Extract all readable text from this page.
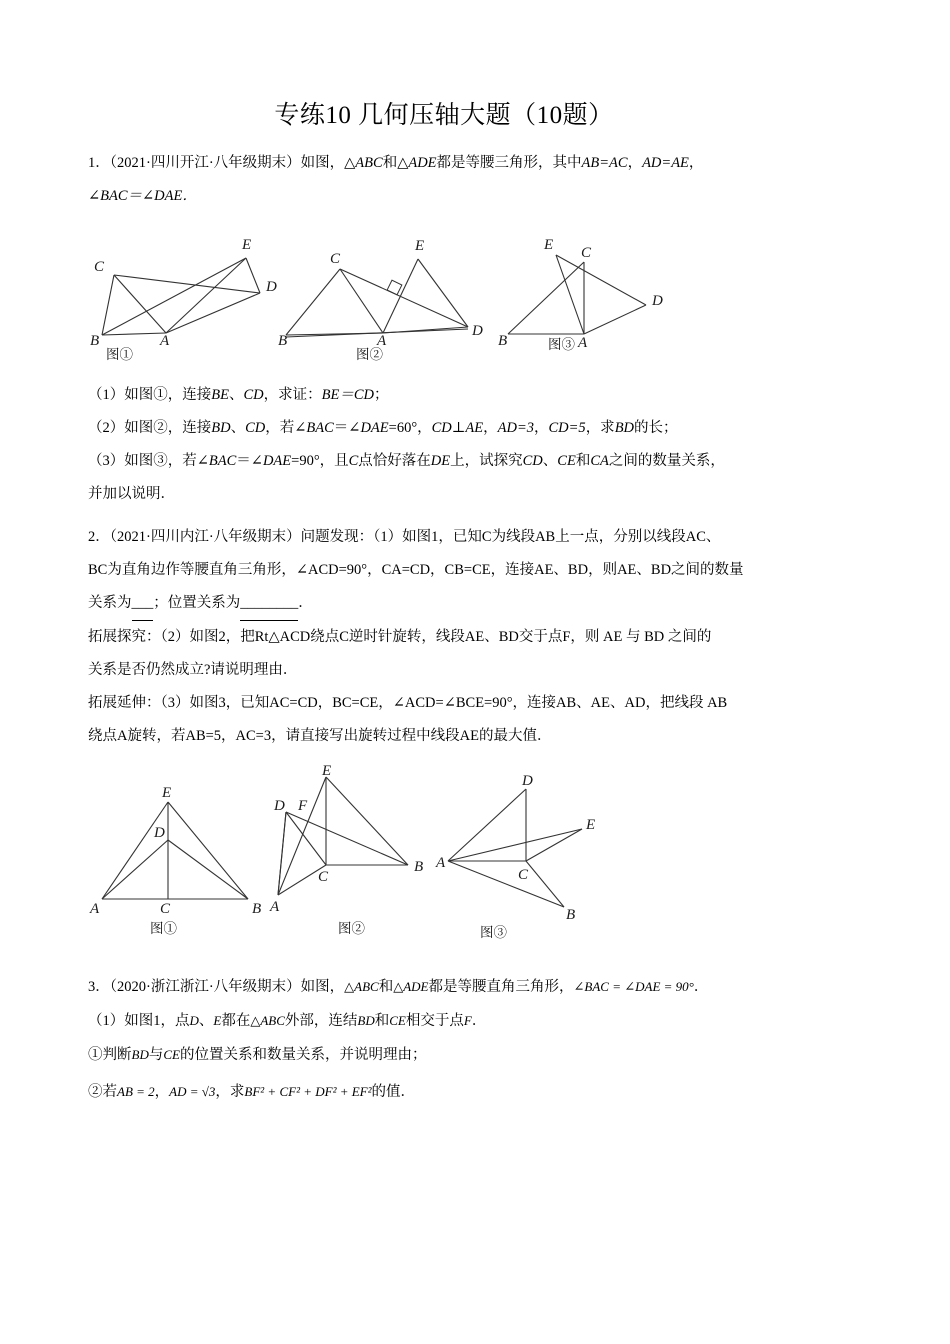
专练10 几何压轴大题（10题）
1．（2021·四川开江·八年级期末）如图，△ABC和△ADE都是等腰三角形，其中AB=AC，AD=AE，
∠BAC＝∠DAE．
B	A
C
E
D
图①
B	A
C
E
D
图②
B	A
C
E
D
图③
（1）如图①，连接BE、CD，求证：BE＝CD；
（2）如图②，连接BD、CD，若∠BAC＝∠DAE=60°，CD⊥AE，AD=3，CD=5，求BD的长；
（3）如图③，若∠BAC＝∠DAE=90°，且C点恰好落在DE上，试探究CD、CE和CA之间的数量关系，
并加以说明．
2．（2021·四川内江·八年级期末）问题发现：（1）如图1，已知C为线段AB上一点，分别以线段AC、
BC为直角边作等腰直角三角形，∠ACD=90°，CA=CD，CB=CE，连接AE、BD，则AE、BD之间的数量
关系为___；位置关系为________．
拓展探究：（2）如图2，把Rt△ACD绕点C逆时针旋转，线段AE、BD交于点F，则 AE 与 BD 之间的
关系是否仍然成立?请说明理由．
拓展延伸：（3）如图3，已知AC=CD，BC=CE，∠ACD=∠BCE=90°，连接AB、AE、AD，把线段 AB
绕点A旋转，若AB=5，AC=3，请直接写出旋转过程中线段AE的最大值．
A	C	B
E
D
图①
D F
E
C
B
A
图②
A
C
D
E
B
图③
3．（2020·浙江浙江·八年级期末）如图，△ABC和△ADE都是等腰直角三角形，∠BAC = ∠DAE = 90°．
（1）如图1，点D、E都在△ABC外部，连结BD和CE相交于点F．
①判断BD与CE的位置关系和数量关系，并说明理由；
②若AB = 2，AD = √3，求BF² + CF² + DF² + EF²的值．
